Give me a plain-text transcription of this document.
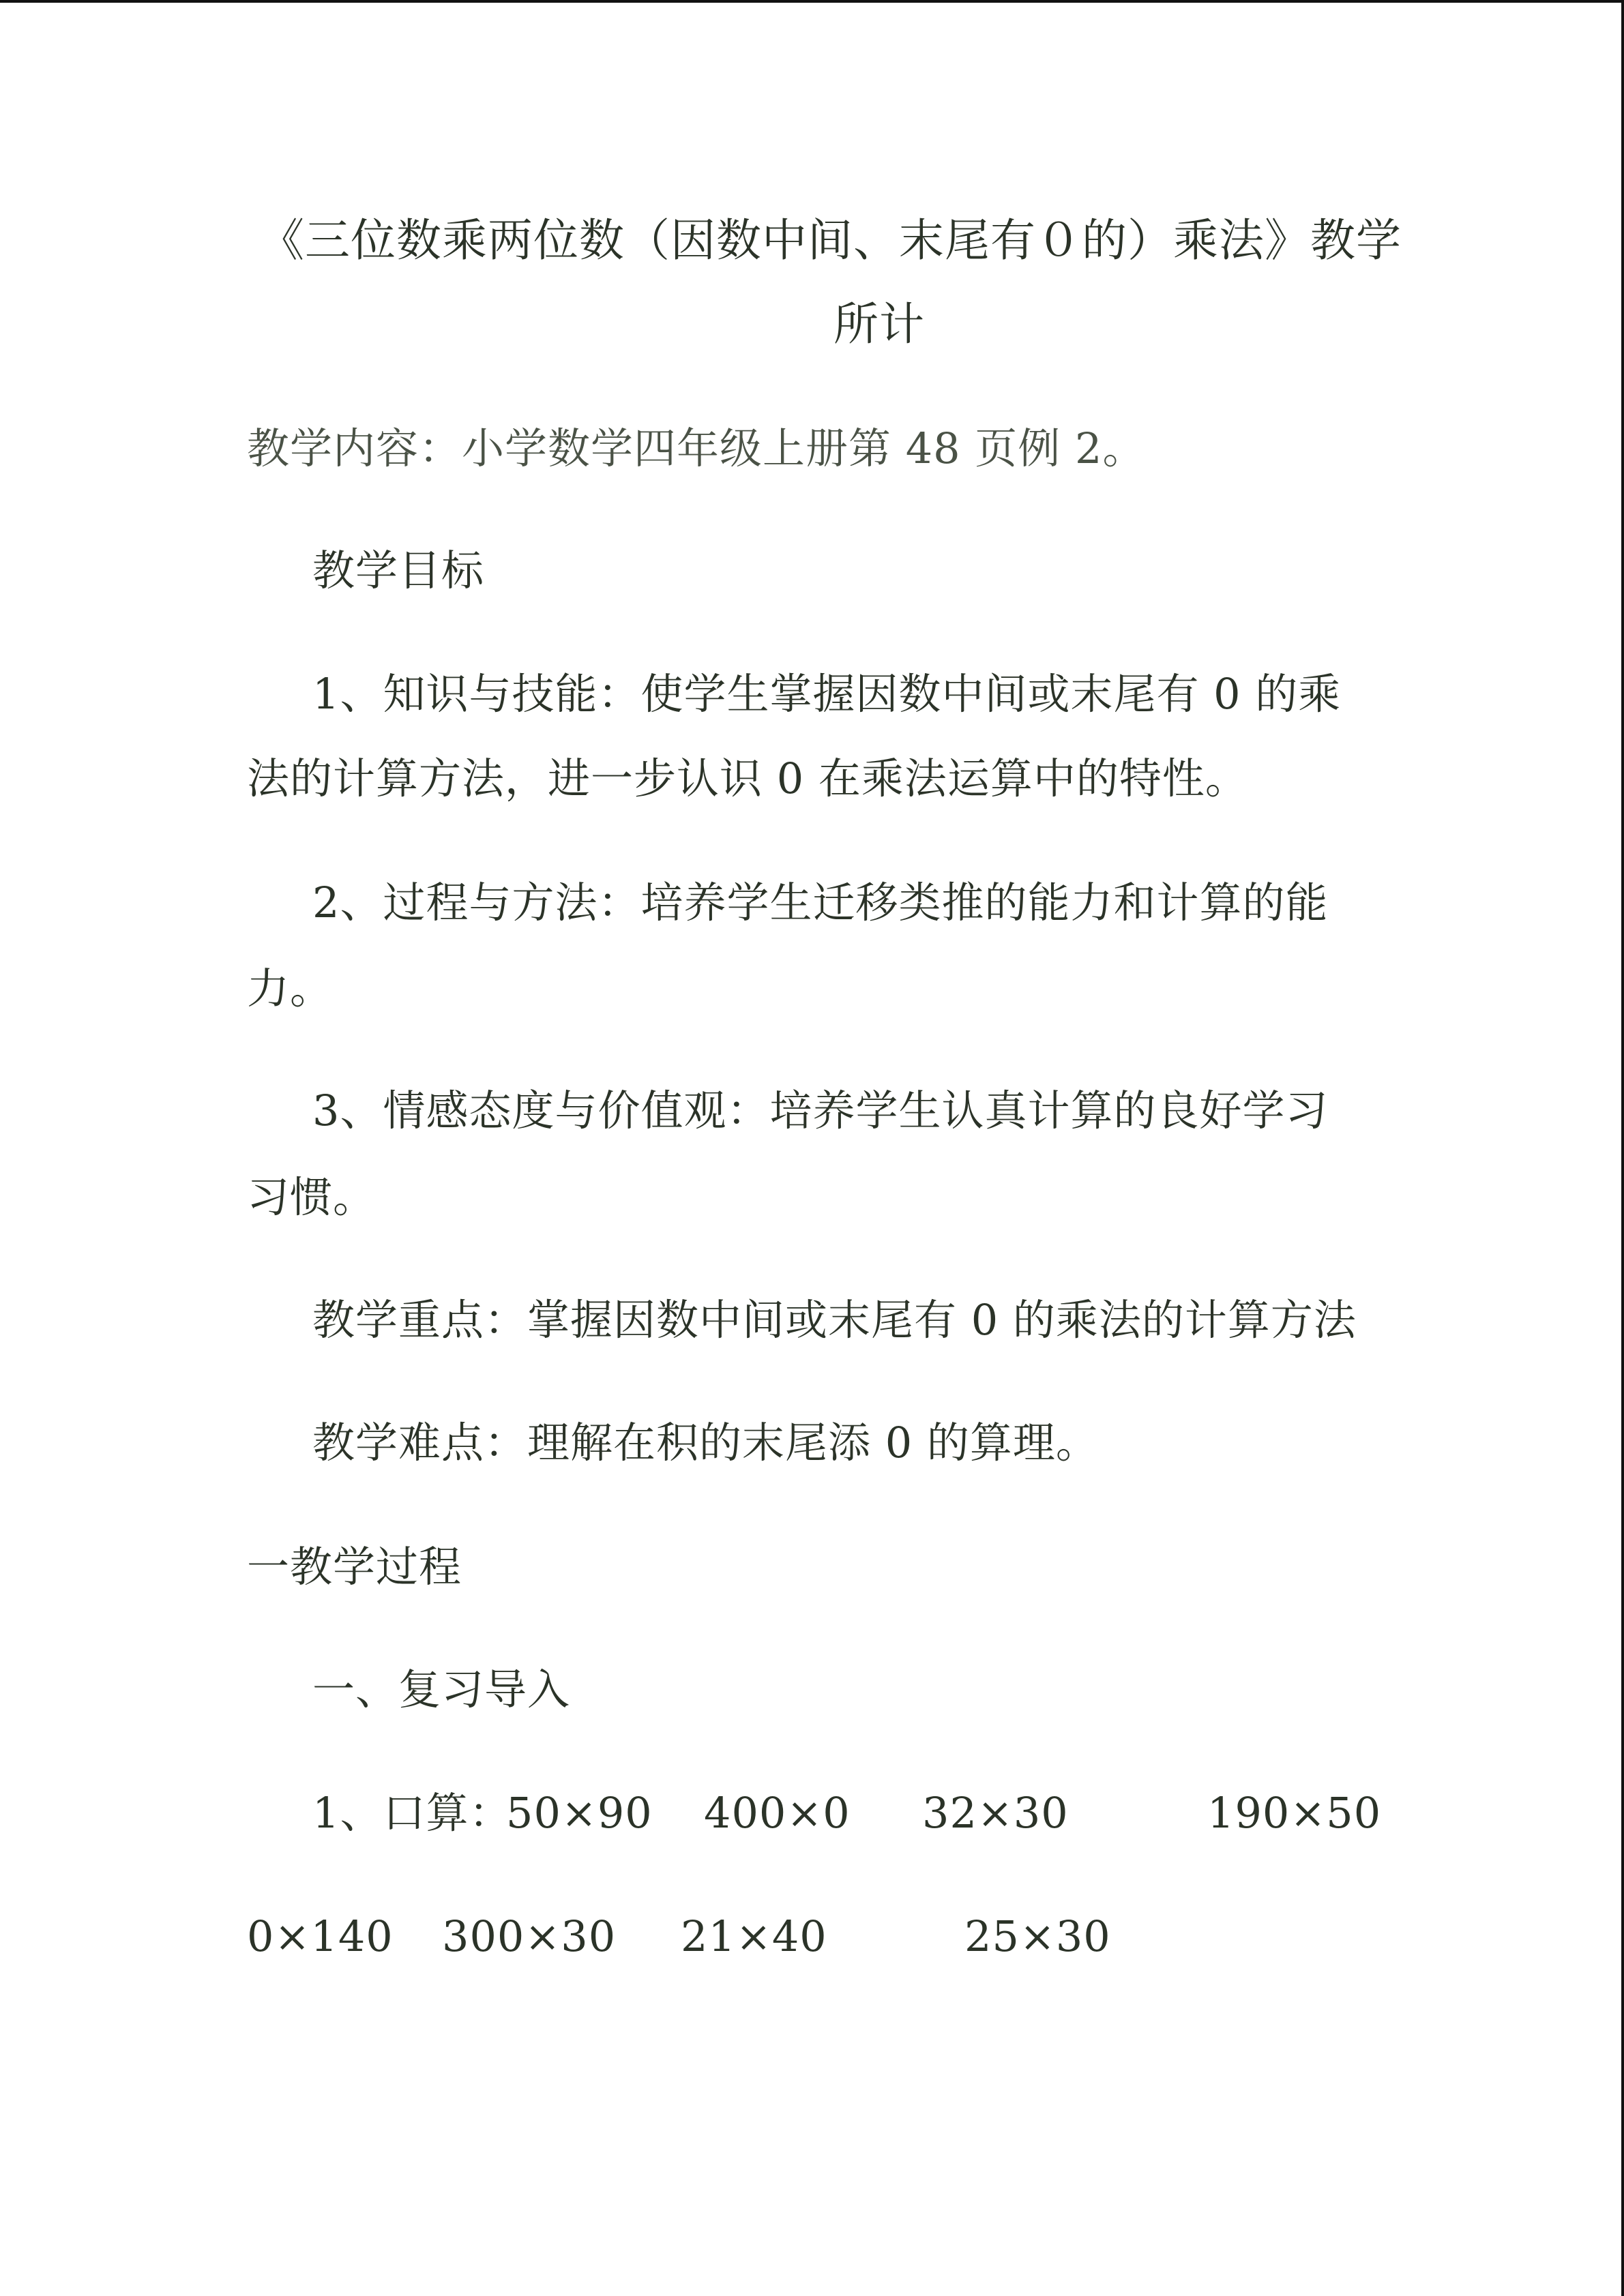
《三位数乘两位数（因数中间、末尾有０的）乘法》教学
所计
教学内容：小学数学四年级上册第 48 页例 2。
教学目标
1、知识与技能：使学生掌握因数中间或末尾有 0 的乘
法的计算方法，进一步认识 0 在乘法运算中的特性。
2、过程与方法：培养学生迁移类推的能力和计算的能
力。
3、情感态度与价值观：培养学生认真计算的良好学习
习惯。
教学重点：掌握因数中间或末尾有 0 的乘法的计算方法
教学难点：理解在积的末尾添 0 的算理。
一教学过程
一、复习导入
1、口算：
50×90 400×0 32×30	190×50
0×140 300×30 21×40	25×30
